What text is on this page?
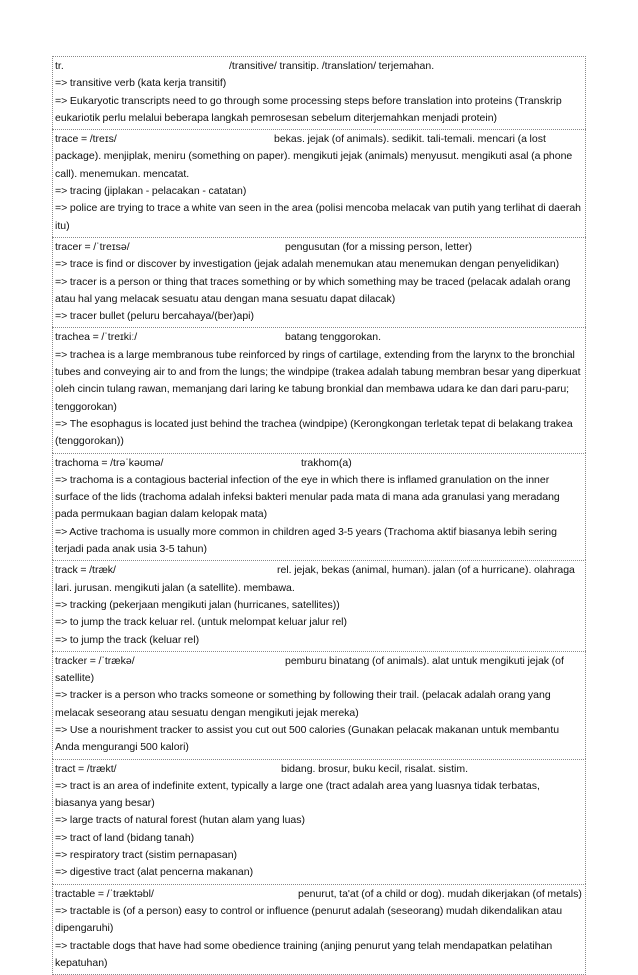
tr.	/transitive/ transitip. /translation/ terjemahan.
=> transitive verb (kata kerja transitif)
=> Eukaryotic transcripts need to go through some processing steps before translation into proteins (Transkrip eukariotik perlu melalui beberapa langkah pemrosesan sebelum diterjemahkan menjadi protein)
trace = /treɪs/	bekas. jejak (of animals). sedikit. tali-temali. mencari (a lost package). menjiplak, meniru (something on paper). mengikuti jejak (animals) menyusut. mengikuti asal (a phone call). menemukan. mencatat.
=> tracing (jiplakan - pelacakan - catatan)
=> police are trying to trace a white van seen in the area (polisi mencoba melacak van putih yang terlihat di daerah itu)
tracer = /ˈtreɪsə/	pengusutan (for a missing person, letter)
=> trace is find or discover by investigation (jejak adalah menemukan atau menemukan dengan penyelidikan)
=> tracer is a person or thing that traces something or by which something may be traced (pelacak adalah orang atau hal yang melacak sesuatu atau dengan mana sesuatu dapat dilacak)
=> tracer bullet (peluru bercahaya/(ber)api)
trachea = /ˈtreɪkiː/	batang tenggorokan.
=> trachea is a large membranous tube reinforced by rings of cartilage, extending from the larynx to the bronchial tubes and conveying air to and from the lungs; the windpipe (trakea adalah tabung membran besar yang diperkuat oleh cincin tulang rawan, memanjang dari laring ke tabung bronkial dan membawa udara ke dan dari paru-paru; tenggorokan)
=> The esophagus is located just behind the trachea (windpipe) (Kerongkongan terletak tepat di belakang trakea (tenggorokan))
trachoma = /trəˈkəʊmə/	trakhom(a)
=> trachoma is a contagious bacterial infection of the eye in which there is inflamed granulation on the inner surface of the lids (trachoma adalah infeksi bakteri menular pada mata di mana ada granulasi yang meradang pada permukaan bagian dalam kelopak mata)
=> Active trachoma is usually more common in children aged 3-5 years (Trachoma aktif biasanya lebih sering terjadi pada anak usia 3-5 tahun)
track = /træk/	rel. jejak, bekas (animal, human). jalan (of a hurricane). olahraga lari. jurusan. mengikuti jalan (a satellite). membawa.
=> tracking (pekerjaan mengikuti jalan (hurricanes, satellites))
=> to jump the track keluar rel. (untuk melompat keluar jalur rel)
=> to jump the track (keluar rel)
tracker = /ˈtrækə/	pemburu binatang (of animals). alat untuk mengikuti jejak (of satellite)
=> tracker is a person who tracks someone or something by following their trail. (pelacak adalah orang yang melacak seseorang atau sesuatu dengan mengikuti jejak mereka)
=> Use a nourishment tracker to assist you cut out 500 calories (Gunakan pelacak makanan untuk membantu Anda mengurangi 500 kalori)
tract = /trækt/	bidang. brosur, buku kecil, risalat. sistim.
=> tract is an area of indefinite extent, typically a large one (tract adalah area yang luasnya tidak terbatas, biasanya yang besar)
=> large tracts of natural forest (hutan alam yang luas)
=> tract of land (bidang tanah)
=> respiratory tract (sistim pernapasan)
=> digestive tract (alat pencerna makanan)
tractable = /ˈtræktəbl/	penurut, ta'at (of a child or dog). mudah dikerjakan (of metals)
=> tractable is (of a person) easy to control or influence (penurut adalah (seseorang) mudah dikendalikan atau dipengaruhi)
=> tractable dogs that have had some obedience training (anjing penurut yang telah mendapatkan pelatihan kepatuhan)
